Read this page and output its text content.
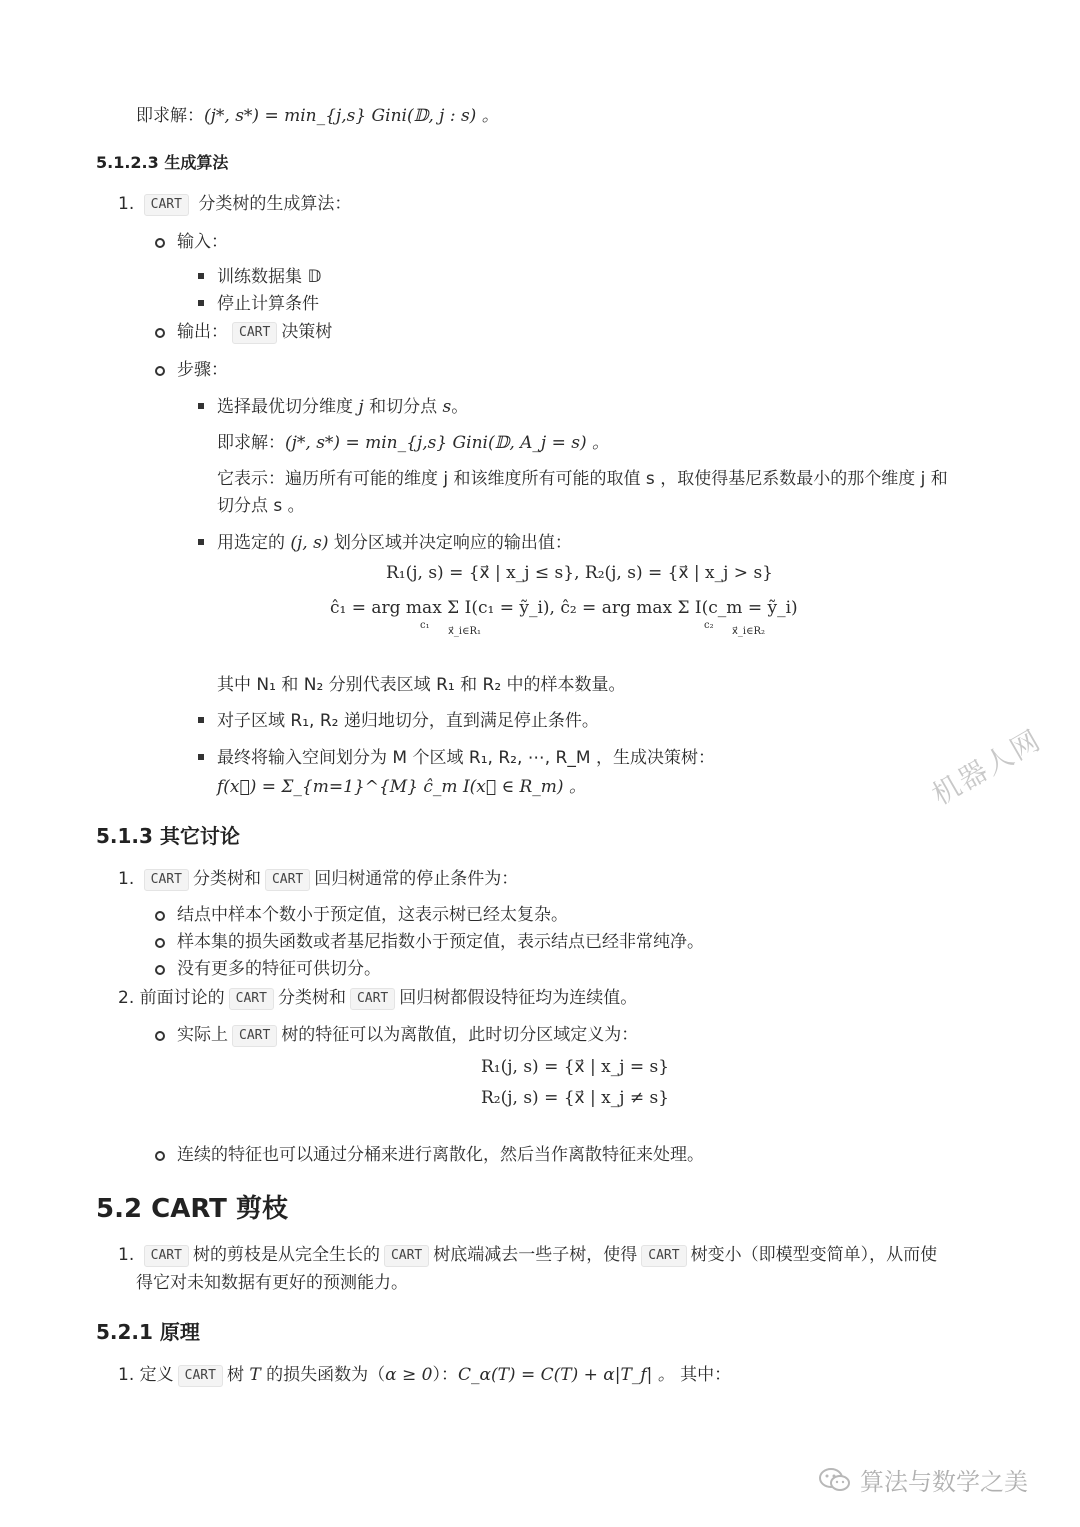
即求解：(j*, s*) = min_{j,s} Gini(𝔻, j : s) 。
5.1.2.3 生成算法
1. CART 分类树的生成算法：
输入：
训练数据集 𝔻
停止计算条件
输出： CART 决策树
步骤：
选择最优切分维度 j 和切分点 s。
即求解：(j*, s*) = min_{j,s} Gini(𝔻, A_j = s) 。
它表示：遍历所有可能的维度 j 和该维度所有可能的取值 s ，取使得基尼系数最小的那个维度 j 和
切分点 s 。
用选定的 (j, s) 划分区域并决定响应的输出值：
R₁(j, s) = {x⃗ | x_j ≤ s}, R₂(j, s) = {x⃗ | x_j > s}
ĉ₁ = arg max Σ I(c₁ = ỹ_i), ĉ₂ = arg max Σ I(c_m = ỹ_i)
c₁
x⃗_i∈R₁
c₂
x⃗_i∈R₂
其中 N₁ 和 N₂ 分别代表区域 R₁ 和 R₂ 中的样本数量。
对子区域 R₁, R₂ 递归地切分，直到满足停止条件。
最终将输入空间划分为 M 个区域 R₁, R₂, ⋯, R_M ，生成决策树：
f(x⃗) = Σ_{m=1}^{M} ĉ_m I(x⃗ ∈ R_m) 。	机器人网
5.1.3 其它讨论
1. CART 分类树和 CART 回归树通常的停止条件为：
结点中样本个数小于预定值，这表示树已经太复杂。
样本集的损失函数或者基尼指数小于预定值，表示结点已经非常纯净。
没有更多的特征可供切分。
2. 前面讨论的 CART 分类树和 CART 回归树都假设特征均为连续值。
实际上 CART 树的特征可以为离散值，此时切分区域定义为：
R₁(j, s) = {x⃗ | x_j = s}
R₂(j, s) = {x⃗ | x_j ≠ s}
连续的特征也可以通过分桶来进行离散化，然后当作离散特征来处理。
5.2 CART 剪枝
1. CART 树的剪枝是从完全生长的 CART 树底端减去一些子树，使得 CART 树变小（即模型变简单），从而使
得它对未知数据有更好的预测能力。
5.2.1 原理
1. 定义 CART 树 T 的损失函数为（α ≥ 0）：C_α(T) = C(T) + α|T_f| 。 其中：
算法与数学之美
